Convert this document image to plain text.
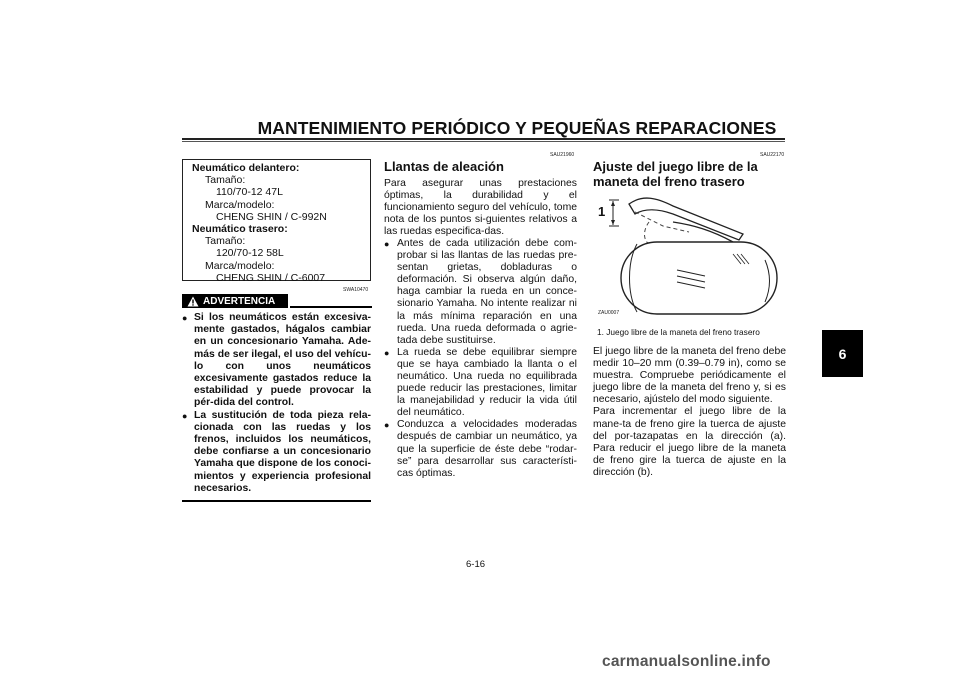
MANTENIMIENTO PERIÓDICO Y PEQUEÑAS REPARACIONES
6
Neumático delantero:
Tamaño:
110/70-12 47L
Marca/modelo:
CHENG SHIN / C-992N
Neumático trasero:
Tamaño:
120/70-12 58L
Marca/modelo:
CHENG SHIN / C-6007
SWA10470
ADVERTENCIA
● Si los neumáticos están excesiva-mente gastados, hágalos cambiar en un concesionario Yamaha. Ade-más de ser ilegal, el uso del vehícu-lo con unos neumáticos excesivamente gastados reduce la estabilidad y puede provocar la pér-dida del control.
● La sustitución de toda pieza rela-cionada con las ruedas y los frenos, incluidos los neumáticos, debe confiarse a un concesionario Yamaha que dispone de los conoci-mientos y experiencia profesional necesarios.
SAU21960
Llantas de aleación
Para asegurar unas prestaciones óptimas, la durabilidad y el funcionamiento seguro del vehículo, tome nota de los puntos si-guientes relativos a las ruedas especifica-das.
● Antes de cada utilización debe com-probar si las llantas de las ruedas pre-sentan grietas, dobladuras o deformación. Si observa algún daño, haga cambiar la rueda en un conce-sionario Yamaha. No intente realizar ni la más mínima reparación en una rueda. Una rueda deformada o agrie-tada debe sustituirse.
● La rueda se debe equilibrar siempre que se haya cambiado la llanta o el neumático. Una rueda no equilibrada puede reducir las prestaciones, limitar la manejabilidad y reducir la vida útil del neumático.
● Conduzca a velocidades moderadas después de cambiar un neumático, ya que la superficie de éste debe “rodar-se” para desarrollar sus característi-cas óptimas.
SAU22170
Ajuste del juego libre de la maneta del freno trasero
1
ZAU0007
1. Juego libre de la maneta del freno trasero
El juego libre de la maneta del freno debe medir 10–20 mm (0.39–0.79 in), como se muestra. Compruebe periódicamente el juego libre de la maneta del freno y, si es necesario, ajústelo del modo siguiente.
Para incrementar el juego libre de la mane-ta de freno gire la tuerca de ajuste del por-tazapatas en la dirección (a). Para reducir el juego libre de la maneta de freno gire la tuerca de ajuste en la dirección (b).
6-16
carmanualsonline.info
